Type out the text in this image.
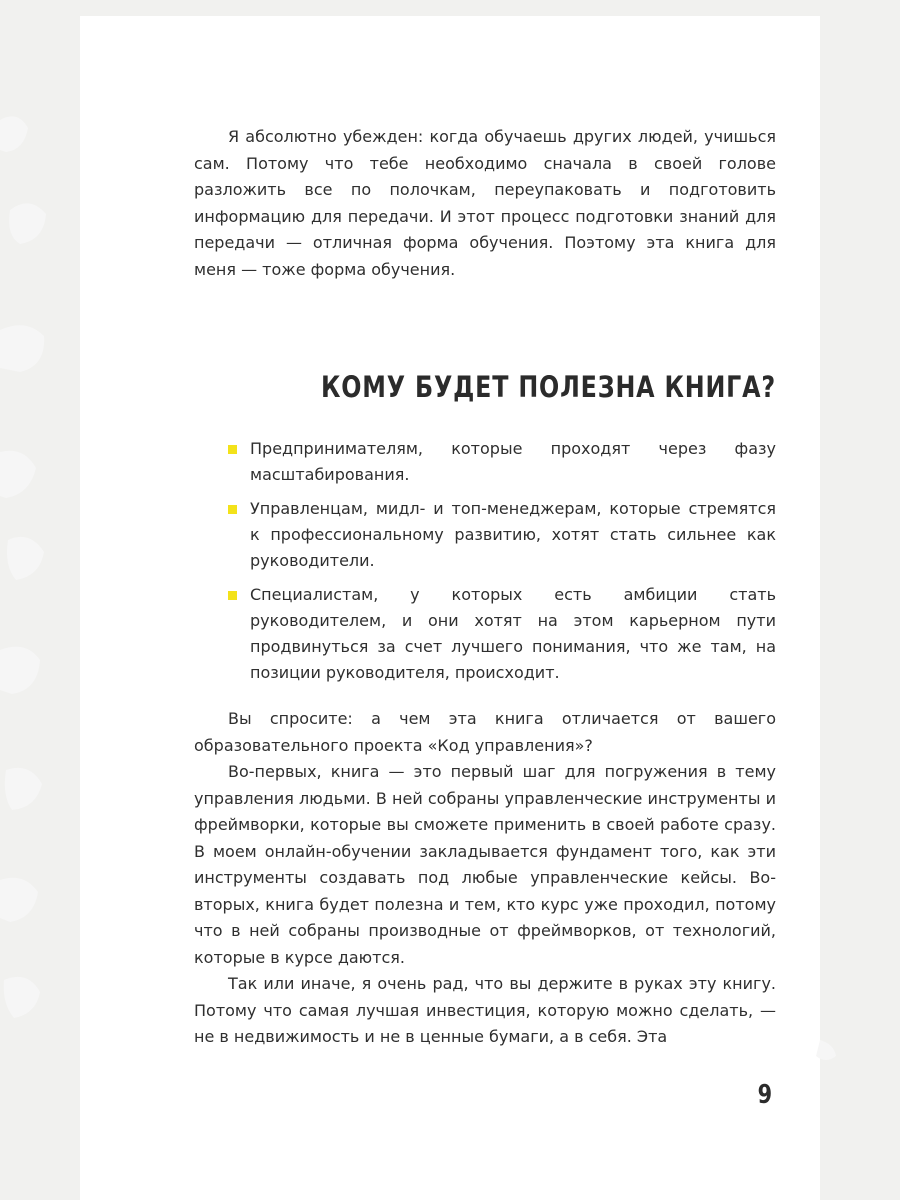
Я абсолютно убежден: когда обучаешь других людей, учишься сам. Потому что тебе необходимо сначала в своей голове разложить все по полочкам, переупаковать и подготовить информацию для передачи. И этот процесс подготовки знаний для передачи — отличная форма обучения. Поэтому эта книга для меня — тоже форма обучения.

КОМУ БУДЕТ ПОЛЕЗНА КНИГА?
Предпринимателям, которые проходят через фазу масштабирования.
Управленцам, мидл- и топ-менеджерам, которые стремятся к профессиональному развитию, хотят стать сильнее как руководители.
Специалистам, у которых есть амбиции стать руководителем, и они хотят на этом карьерном пути продвинуться за счет лучшего понимания, что же там, на позиции руководителя, происходит.

Вы спросите: а чем эта книга отличается от вашего образовательного проекта «Код управления»?

Во-первых, книга — это первый шаг для погружения в тему управления людьми. В ней собраны управленческие инструменты и фреймворки, которые вы сможете применить в своей работе сразу. В моем онлайн-обучении закладывается фундамент того, как эти инструменты создавать под любые управленческие кейсы. Во-вторых, книга будет полезна и тем, кто курс уже проходил, потому что в ней собраны производные от фреймворков, от технологий, которые в курсе даются.

Так или иначе, я очень рад, что вы держите в руках эту книгу. Потому что самая лучшая инвестиция, которую можно сделать, — не в недвижимость и не в ценные бумаги, а в себя. Эта

9
